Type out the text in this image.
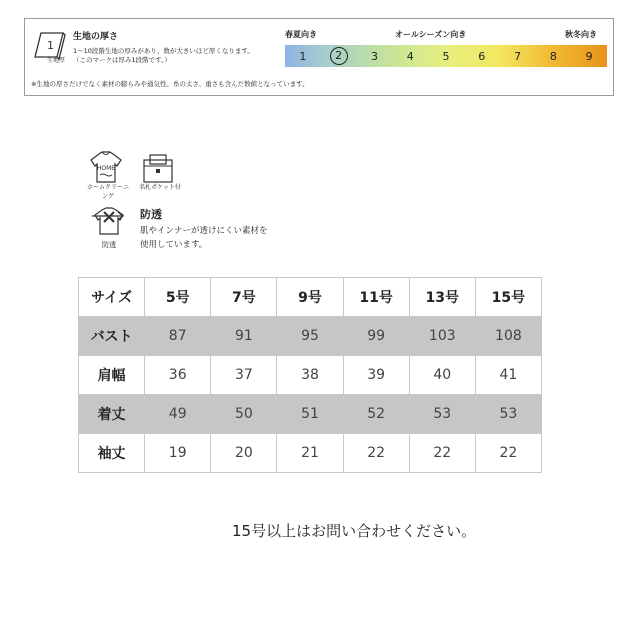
1
生地厚
生地の厚さ
1～10段階生地の厚みがあり、数が大きいほど厚くなります。
（このマークは厚み1段階です。）
春夏向き	オールシーズン向き	秋冬向き
1	2	3	4	5	6	7	8	9
※生地の厚さだけでなく素材の膨らみや通気性、糸の太さ、重さも含んだ数値となっています。
HOME
ホームクリーニング
名札ポケット付
防透
防透
肌やインナーが透けにくい素材を
使用しています。
サイズ	5号	7号	9号	11号	13号	15号
バスト	87	91	95	99	103	108
肩幅	36	37	38	39	40	41
着丈	49	50	51	52	53	53
袖丈	19	20	21	22	22	22
15号以上はお問い合わせください。
